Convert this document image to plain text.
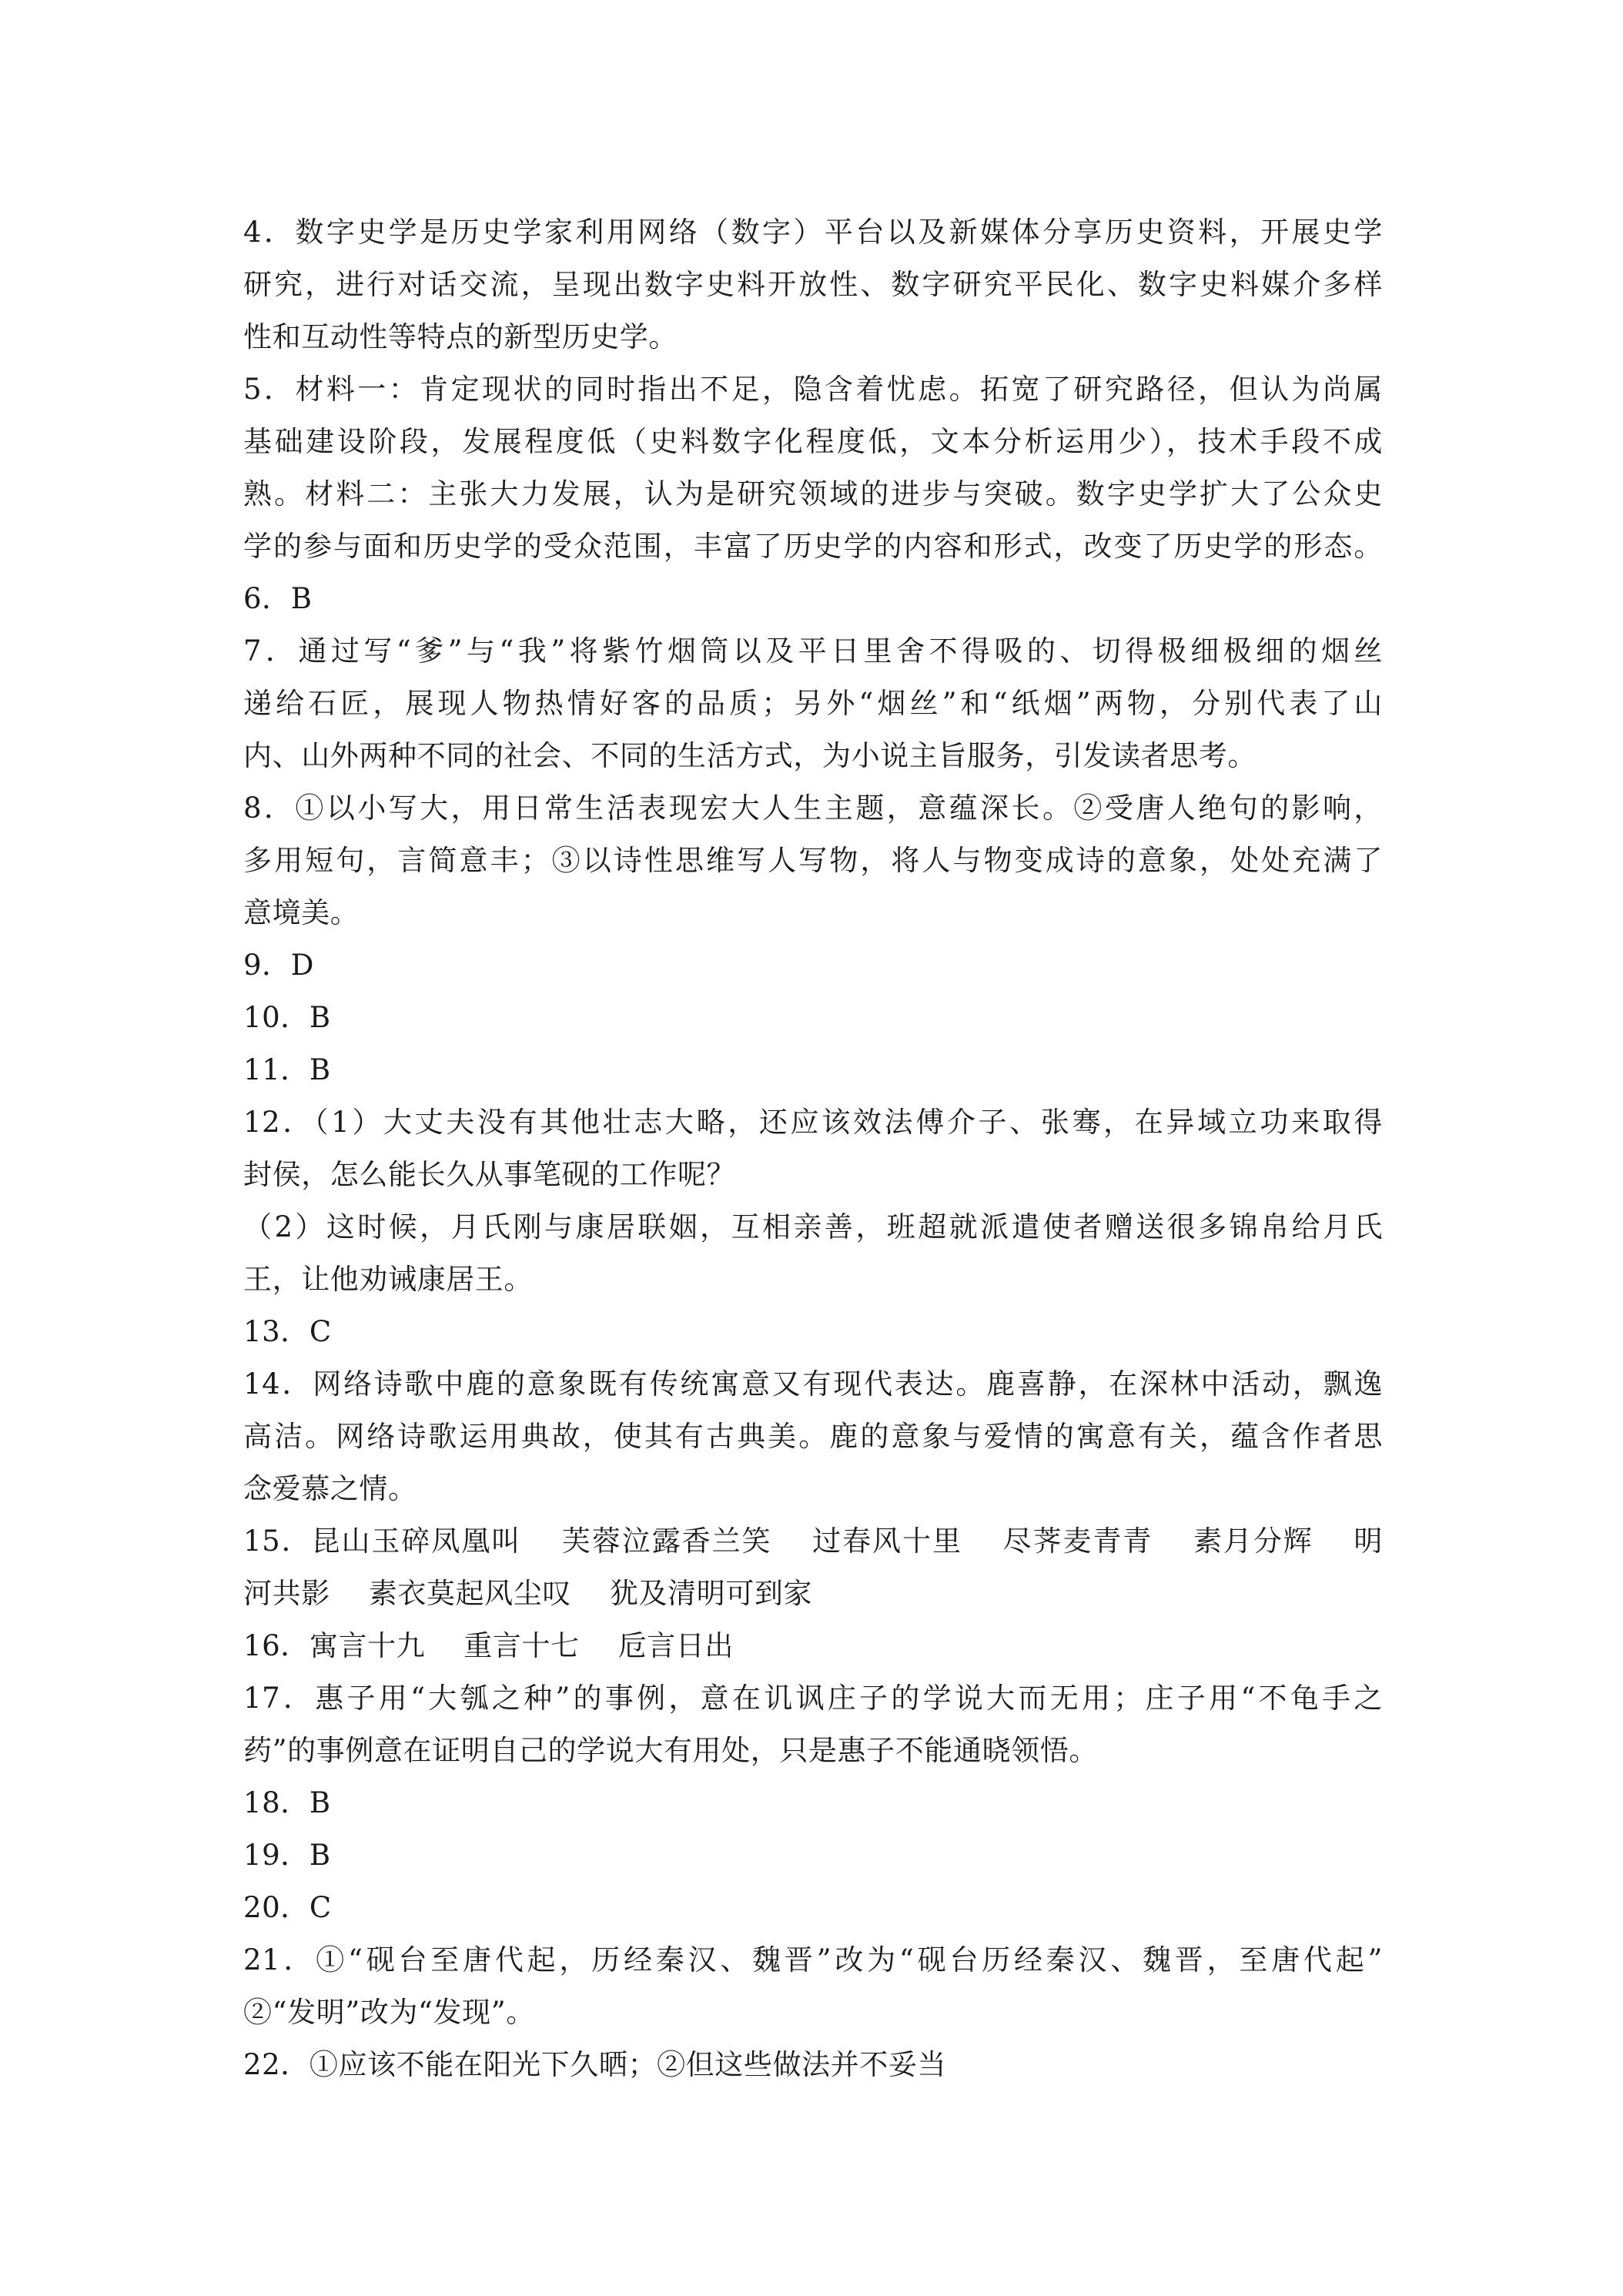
4．数字史学是历史学家利用网络（数字）平台以及新媒体分享历史资料，开展史学
研究，进行对话交流，呈现出数字史料开放性、数字研究平民化、数字史料媒介多样
性和互动性等特点的新型历史学。
5．材料一：肯定现状的同时指出不足，隐含着忧虑。拓宽了研究路径，但认为尚属
基础建设阶段，发展程度低（史料数字化程度低，文本分析运用少），技术手段不成
熟。材料二：主张大力发展，认为是研究领域的进步与突破。数字史学扩大了公众史
学的参与面和历史学的受众范围，丰富了历史学的内容和形式，改变了历史学的形态。
6．B
7．通过写“爹”与“我”将紫竹烟筒以及平日里舍不得吸的、切得极细极细的烟丝
递给石匠，展现人物热情好客的品质；另外“烟丝”和“纸烟”两物，分别代表了山
内、山外两种不同的社会、不同的生活方式，为小说主旨服务，引发读者思考。
8．①以小写大，用日常生活表现宏大人生主题，意蕴深长。②受唐人绝句的影响，
多用短句，言简意丰；③以诗性思维写人写物，将人与物变成诗的意象，处处充满了
意境美。
9．D
10．B
11．B
12．（1）大丈夫没有其他壮志大略，还应该效法傅介子、张骞，在异域立功来取得
封侯，怎么能长久从事笔砚的工作呢？
（2）这时候，月氏刚与康居联姻，互相亲善，班超就派遣使者赠送很多锦帛给月氏
王，让他劝诫康居王。
13．C
14．网络诗歌中鹿的意象既有传统寓意又有现代表达。鹿喜静，在深林中活动，飘逸
高洁。网络诗歌运用典故，使其有古典美。鹿的意象与爱情的寓意有关，蕴含作者思
念爱慕之情。
15．昆山玉碎凤凰叫　 芙蓉泣露香兰笑　 过春风十里　 尽荠麦青青　 素月分辉　 明
河共影　 素衣莫起风尘叹　 犹及清明可到家
16．寓言十九　 重言十七　 卮言日出
17．惠子用“大瓠之种”的事例，意在讥讽庄子的学说大而无用；庄子用“不龟手之
药”的事例意在证明自己的学说大有用处，只是惠子不能通晓领悟。
18．B
19．B
20．C
21．①“砚台至唐代起，历经秦汉、魏晋”改为“砚台历经秦汉、魏晋，至唐代起”
②“发明”改为“发现”。
22．①应该不能在阳光下久晒；②但这些做法并不妥当
